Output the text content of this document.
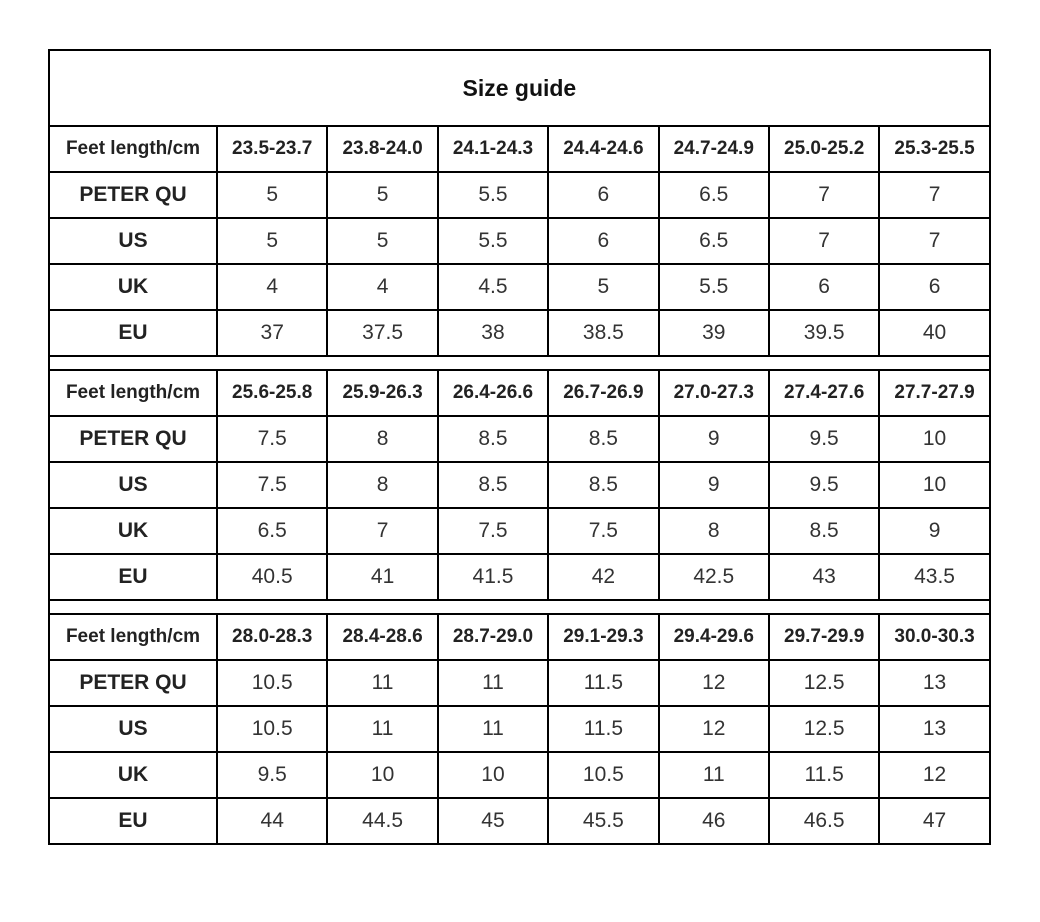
Size guide							
Feet length/cm	23.5-23.7	23.8-24.0	24.1-24.3	24.4-24.6	24.7-24.9	25.0-25.2	25.3-25.5
PETER QU	5	5	5.5	6	6.5	7	7
US	5	5	5.5	6	6.5	7	7
UK	4	4	4.5	5	5.5	6	6
EU	37	37.5	38	38.5	39	39.5	40

Feet length/cm	25.6-25.8	25.9-26.3	26.4-26.6	26.7-26.9	27.0-27.3	27.4-27.6	27.7-27.9
PETER QU	7.5	8	8.5	8.5	9	9.5	10
US	7.5	8	8.5	8.5	9	9.5	10
UK	6.5	7	7.5	7.5	8	8.5	9
EU	40.5	41	41.5	42	42.5	43	43.5

Feet length/cm	28.0-28.3	28.4-28.6	28.7-29.0	29.1-29.3	29.4-29.6	29.7-29.9	30.0-30.3
PETER QU	10.5	11	11	11.5	12	12.5	13
US	10.5	11	11	11.5	12	12.5	13
UK	9.5	10	10	10.5	11	11.5	12
EU	44	44.5	45	45.5	46	46.5	47
